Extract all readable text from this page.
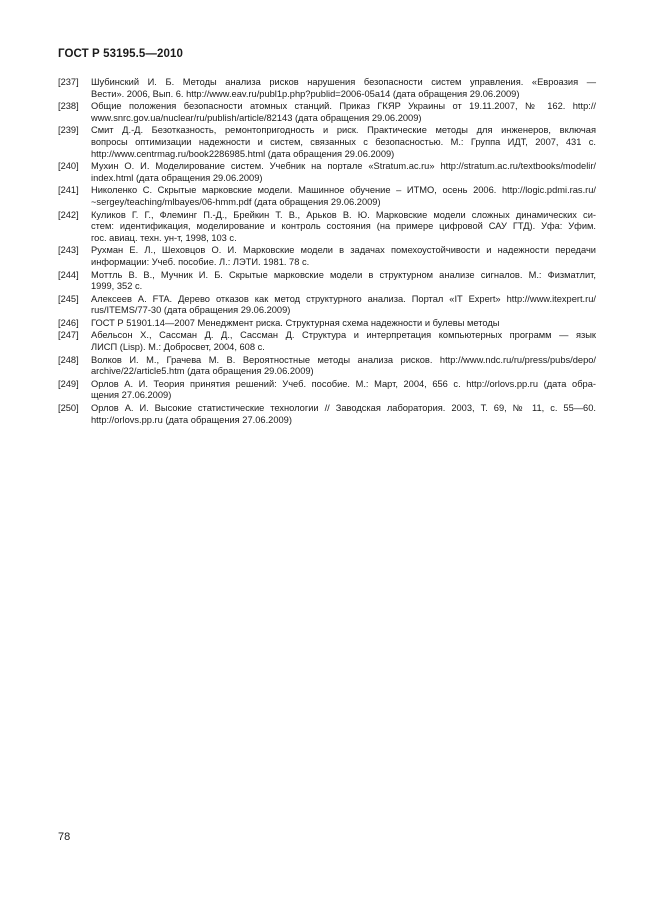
ГОСТ Р 53195.5—2010
[237]	Шубинский И. Б. Методы анализа рисков нарушения безопасности систем управления. «Евроазия —
Вести». 2006, Вып. 6. http://www.eav.ru/publ1p.php?publid=2006-05a14 (дата обращения 29.06.2009)
[238]	Общие положения безопасности атомных станций. Приказ ГКЯР Украины от 19.11.2007, № 162. http://
www.snrc.gov.ua/nuclear/ru/publish/article/82143 (дата обращения 29.06.2009)
[239]	Смит Д.-Д. Безотказность, ремонтопригодность и риск. Практические методы для инженеров, включая
вопросы оптимизации надежности и систем, связанных с безопасностью. М.: Группа ИДТ, 2007, 431 с.
http://www.centrmag.ru/book2286985.html (дата обращения 29.06.2009)
[240]	Мухин О. И. Моделирование систем. Учебник на портале «Stratum.ac.ru» http://stratum.ac.ru/textbooks/modelir/
index.html (дата обращения 29.06.2009)
[241]	Николенко С. Скрытые марковские модели. Машинное обучение – ИТМО, осень 2006. http://logic.pdmi.ras.ru/
~sergey/teaching/mlbayes/06-hmm.pdf (дата обращения 29.06.2009)
[242]	Куликов Г. Г., Флеминг П.-Д., Брейкин Т. В., Арьков В. Ю. Марковские модели сложных динамических си-
стем: идентификация, моделирование и контроль состояния (на примере цифровой САУ ГТД). Уфа: Уфим.
гос. авиац. техн. ун-т, 1998, 103 с.
[243]	Рухман Е. Л., Шеховцов О. И. Марковские модели в задачах помехоустойчивости и надежности передачи
информации: Учеб. пособие. Л.: ЛЭТИ. 1981. 78 с.
[244]	Моттль В. В., Мучник И. Б. Скрытые марковские модели в структурном анализе сигналов. М.: Физматлит,
1999, 352 с.
[245]	Алексеев А. FTA. Дерево отказов как метод структурного анализа. Портал «IT Expert» http://www.itexpert.ru/
rus/ITEMS/77-30 (дата обращения 29.06.2009)
[246]	ГОСТ Р 51901.14—2007 Менеджмент риска. Структурная схема надежности и булевы методы
[247]	Абельсон Х., Сассман Д. Д., Сассман Д. Структура и интерпретация компьютерных программ — язык
ЛИСП (Lisp). М.: Добросвет, 2004, 608 с.
[248]	Волков И. М., Грачева М. В. Вероятностные методы анализа рисков. http://www.ndc.ru/ru/press/pubs/depo/
archive/22/article5.htm (дата обращения 29.06.2009)
[249]	Орлов А. И. Теория принятия решений: Учеб. пособие. М.: Март, 2004, 656 с. http://orlovs.pp.ru (дата обра-
щения 27.06.2009)
[250]	Орлов А. И. Высокие статистические технологии // Заводская лаборатория. 2003, Т. 69, № 11, с. 55—60.
http://orlovs.pp.ru (дата обращения 27.06.2009)
78
